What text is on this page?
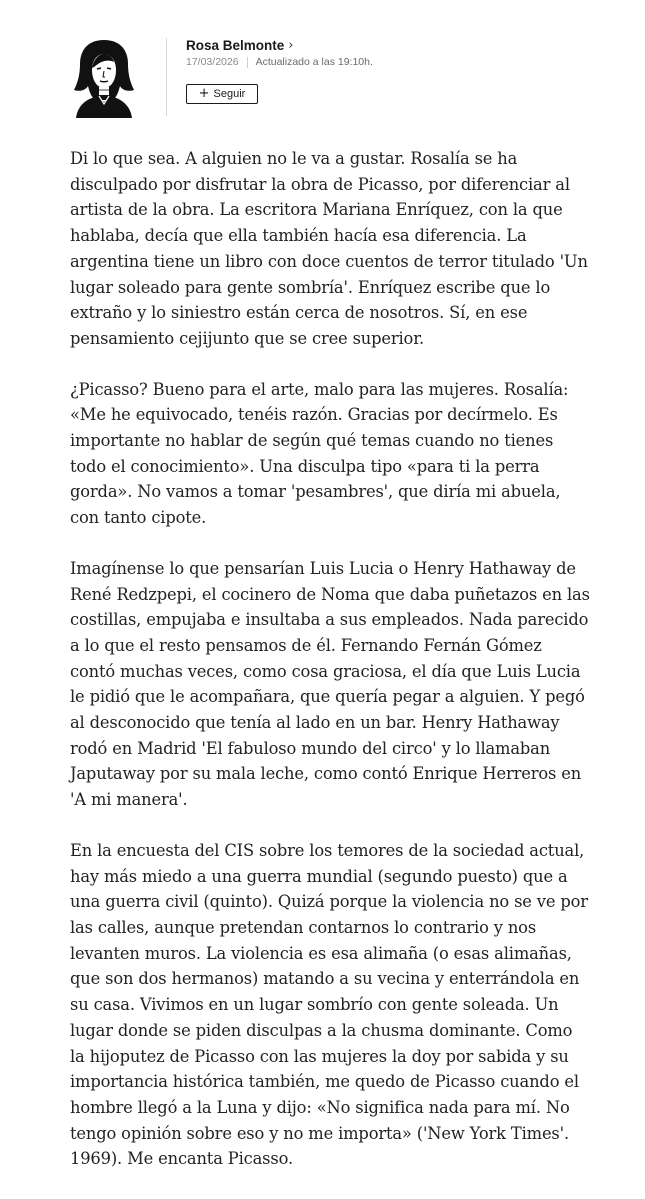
Rosa Belmonte ›
17/03/2026 Actualizado a las 19:10h.
+ Seguir

Di lo que sea. A alguien no le va a gustar. Rosalía se ha disculpado por disfrutar la obra de Picasso, por diferenciar al artista de la obra. La escritora Mariana Enríquez, con la que hablaba, decía que ella también hacía esa diferencia. La argentina tiene un libro con doce cuentos de terror titulado 'Un lugar soleado para gente sombría'. Enríquez escribe que lo extraño y lo siniestro están cerca de nosotros. Sí, en ese pensamiento cejijunto que se cree superior.

¿Picasso? Bueno para el arte, malo para las mujeres. Rosalía: «Me he equivocado, tenéis razón. Gracias por decírmelo. Es importante no hablar de según qué temas cuando no tienes todo el conocimiento». Una disculpa tipo «para ti la perra gorda». No vamos a tomar 'pesambres', que diría mi abuela, con tanto cipote.

Imagínense lo que pensarían Luis Lucia o Henry Hathaway de René Redzpepi, el cocinero de Noma que daba puñetazos en las costillas, empujaba e insultaba a sus empleados. Nada parecido a lo que el resto pensamos de él. Fernando Fernán Gómez contó muchas veces, como cosa graciosa, el día que Luis Lucia le pidió que le acompañara, que quería pegar a alguien. Y pegó al desconocido que tenía al lado en un bar. Henry Hathaway rodó en Madrid 'El fabuloso mundo del circo' y lo llamaban Japutaway por su mala leche, como contó Enrique Herreros en 'A mi manera'.

En la encuesta del CIS sobre los temores de la sociedad actual, hay más miedo a una guerra mundial (segundo puesto) que a una guerra civil (quinto). Quizá porque la violencia no se ve por las calles, aunque pretendan contarnos lo contrario y nos levanten muros. La violencia es esa alimaña (o esas alimañas, que son dos hermanos) matando a su vecina y enterrándola en su casa. Vivimos en un lugar sombrío con gente soleada. Un lugar donde se piden disculpas a la chusma dominante. Como la hijoputez de Picasso con las mujeres la doy por sabida y su importancia histórica también, me quedo de Picasso cuando el hombre llegó a la Luna y dijo: «No significa nada para mí. No tengo opinión sobre eso y no me importa» ('New York Times'. 1969). Me encanta Picasso.
